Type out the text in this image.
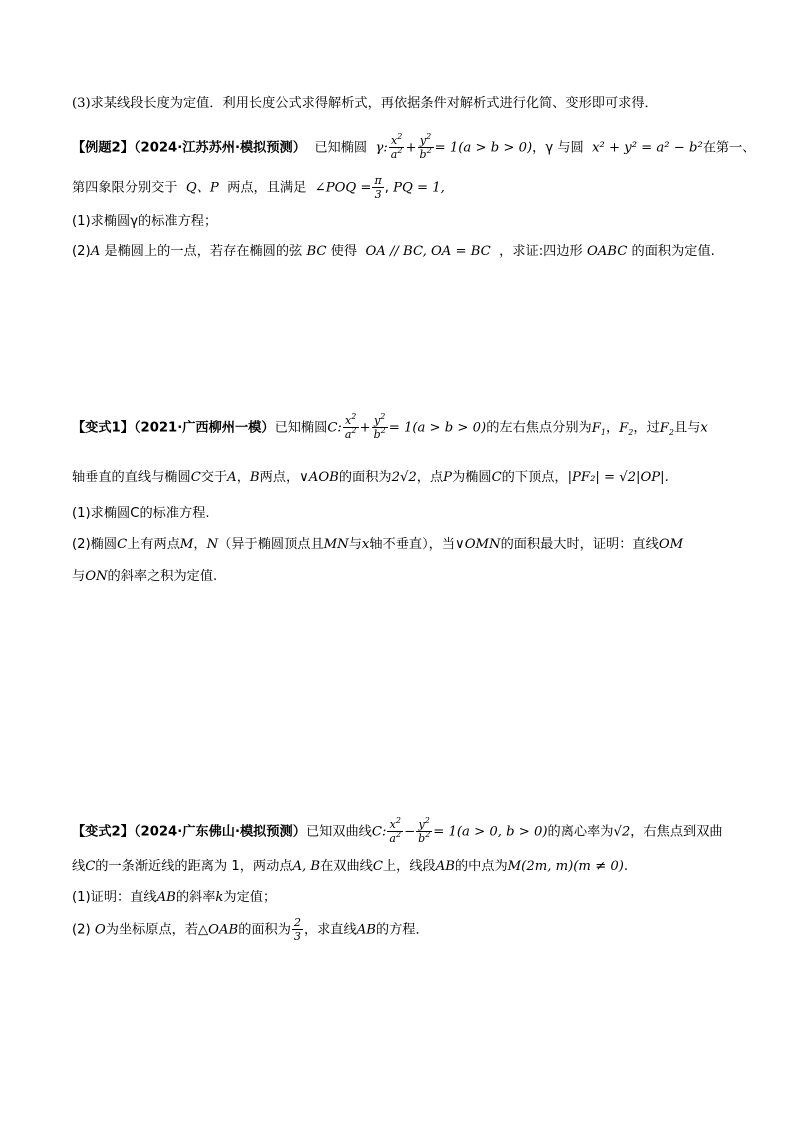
(3)求某线段长度为定值．利用长度公式求得解析式，再依据条件对解析式进行化简、变形即可求得．
【例题2】（2024·江苏苏州·模拟预测） 已知椭圆 γ: $\frac{x^2}{a^2} + \frac{y^2}{b^2} = 1(a > b > 0)$，γ 与圆 x² + y² = a² − b²在第一、
第四象限分别交于 Q、P 两点，且满足 ∠POQ = $\frac{\pi}{3}$ , PQ = 1,
(1)求椭圆γ的标准方程；
(2)A 是椭圆上的一点，若存在椭圆的弦 BC 使得 OA // BC, OA = BC ，求证:四边形 OABC 的面积为定值.
【变式1】（2021·广西柳州一模）已知椭圆C: $\frac{x^2}{a^2} + \frac{y^2}{b^2} = 1(a > b > 0)$的左右焦点分别为$F_1$，$F_2$，过$F_2$且与x
轴垂直的直线与椭圆C交于A，B两点，∨AOB的面积为2√2，点P为椭圆C的下顶点，|PF₂| = √2|OP|.
(1)求椭圆C的标准方程.
(2)椭圆C上有两点M，N（异于椭圆顶点且MN与x轴不垂直），当∨OMN的面积最大时，证明：直线OM
与ON的斜率之积为定值.
【变式2】（2024·广东佛山·模拟预测）已知双曲线C: $\frac{x^2}{a^2} - \frac{y^2}{b^2} = 1(a > 0$, b > 0)的离心率为√2，右焦点到双曲
线C的一条渐近线的距离为 1，两动点A, B在双曲线C上，线段AB的中点为M(2m, m)(m ≠ 0).
(1)证明：直线AB的斜率k为定值；
(2) O为坐标原点，若△OAB的面积为 $\frac{2}{3}$ ，求直线AB的方程．
